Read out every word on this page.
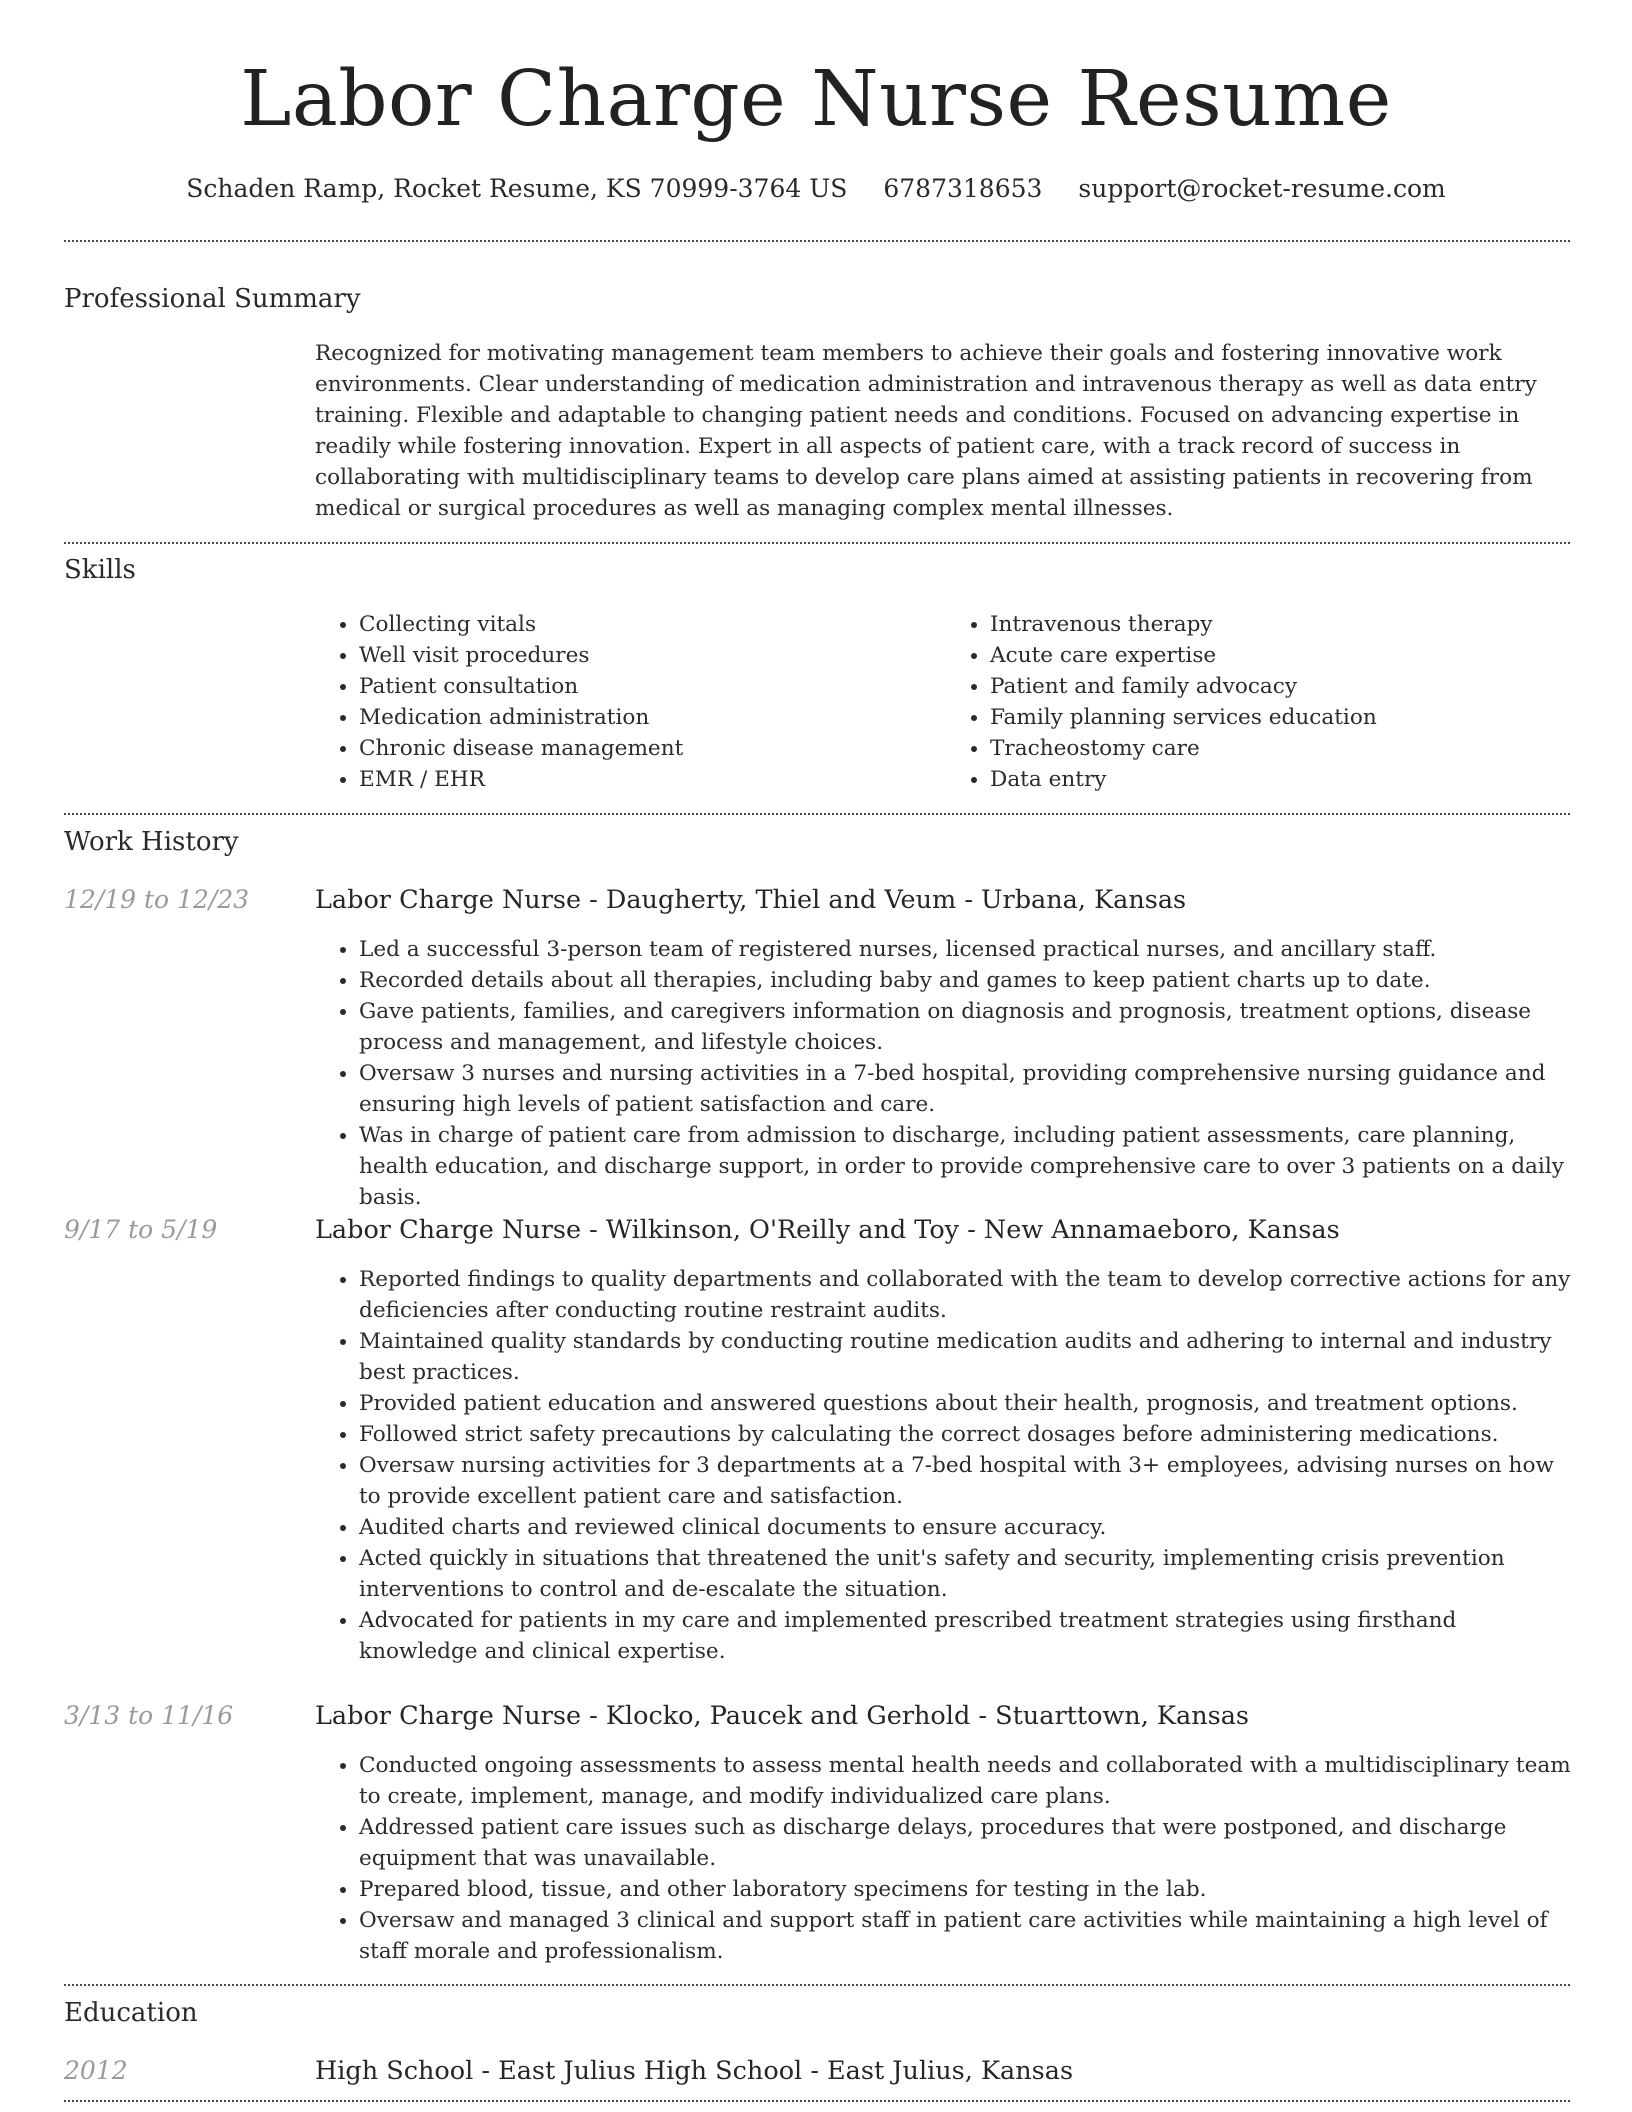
Labor Charge Nurse Resume
Schaden Ramp, Rocket Resume, KS 70999-3764 US 6787318653 support@rocket-resume.com
Professional Summary
Recognized for motivating management team members to achieve their goals and fostering innovative work environments. Clear understanding of medication administration and intravenous therapy as well as data entry training. Flexible and adaptable to changing patient needs and conditions. Focused on advancing expertise in readily while fostering innovation. Expert in all aspects of patient care, with a track record of success in collaborating with multidisciplinary teams to develop care plans aimed at assisting patients in recovering from medical or surgical procedures as well as managing complex mental illnesses.
Skills
• Collecting vitals
• Well visit procedures
• Patient consultation
• Medication administration
• Chronic disease management
• EMR / EHR
• Intravenous therapy
• Acute care expertise
• Patient and family advocacy
• Family planning services education
• Tracheostomy care
• Data entry
Work History
12/19 to 12/23	Labor Charge Nurse - Daugherty, Thiel and Veum - Urbana, Kansas
• Led a successful 3-person team of registered nurses, licensed practical nurses, and ancillary staff.
• Recorded details about all therapies, including baby and games to keep patient charts up to date.
• Gave patients, families, and caregivers information on diagnosis and prognosis, treatment options, disease process and management, and lifestyle choices.
• Oversaw 3 nurses and nursing activities in a 7-bed hospital, providing comprehensive nursing guidance and ensuring high levels of patient satisfaction and care.
• Was in charge of patient care from admission to discharge, including patient assessments, care planning, health education, and discharge support, in order to provide comprehensive care to over 3 patients on a daily basis.
9/17 to 5/19	Labor Charge Nurse - Wilkinson, O'Reilly and Toy - New Annamaeboro, Kansas
• Reported findings to quality departments and collaborated with the team to develop corrective actions for any deficiencies after conducting routine restraint audits.
• Maintained quality standards by conducting routine medication audits and adhering to internal and industry best practices.
• Provided patient education and answered questions about their health, prognosis, and treatment options.
• Followed strict safety precautions by calculating the correct dosages before administering medications.
• Oversaw nursing activities for 3 departments at a 7-bed hospital with 3+ employees, advising nurses on how to provide excellent patient care and satisfaction.
• Audited charts and reviewed clinical documents to ensure accuracy.
• Acted quickly in situations that threatened the unit's safety and security, implementing crisis prevention interventions to control and de-escalate the situation.
• Advocated for patients in my care and implemented prescribed treatment strategies using firsthand knowledge and clinical expertise.
3/13 to 11/16	Labor Charge Nurse - Klocko, Paucek and Gerhold - Stuarttown, Kansas
• Conducted ongoing assessments to assess mental health needs and collaborated with a multidisciplinary team to create, implement, manage, and modify individualized care plans.
• Addressed patient care issues such as discharge delays, procedures that were postponed, and discharge equipment that was unavailable.
• Prepared blood, tissue, and other laboratory specimens for testing in the lab.
• Oversaw and managed 3 clinical and support staff in patient care activities while maintaining a high level of staff morale and professionalism.
Education
2012	High School - East Julius High School - East Julius, Kansas
